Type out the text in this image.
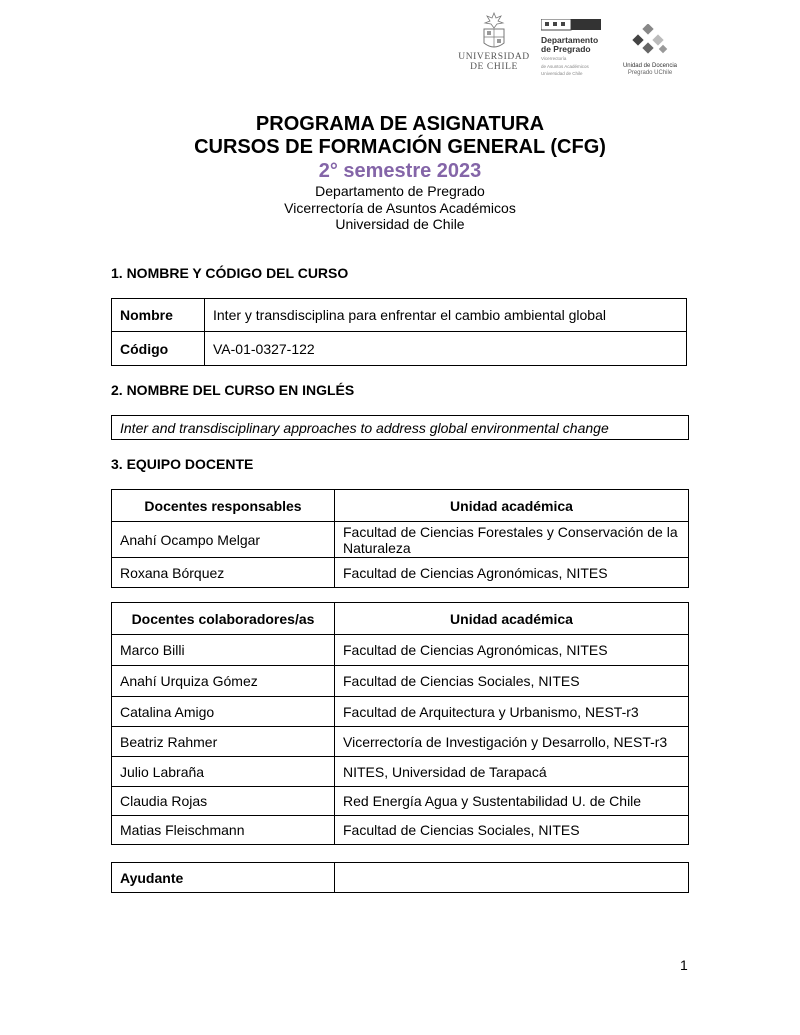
UNIVERSIDAD
DE CHILE
Departamento
de Pregrado
Vicerrectoría
de Asuntos Académicos
Universidad de Chile
Unidad de Docencia
Pregrado UChile
PROGRAMA DE ASIGNATURA
CURSOS DE FORMACIÓN GENERAL (CFG)
2° semestre 2023
Departamento de Pregrado
Vicerrectoría de Asuntos Académicos
Universidad de Chile
1. NOMBRE Y CÓDIGO DEL CURSO
Nombre	Inter y transdisciplina para enfrentar el cambio ambiental global
Código	VA-01-0327-122
2. NOMBRE DEL CURSO EN INGLÉS
Inter and transdisciplinary approaches to address global environmental change
3. EQUIPO DOCENTE
Docentes responsables	Unidad académica
Anahí Ocampo Melgar	Facultad de Ciencias Forestales y Conservación de la Naturaleza
Roxana Bórquez	Facultad de Ciencias Agronómicas, NITES
Docentes colaboradores/as	Unidad académica
Marco Billi	Facultad de Ciencias Agronómicas, NITES
Anahí Urquiza Gómez	Facultad de Ciencias Sociales, NITES
Catalina Amigo	Facultad de Arquitectura y Urbanismo, NEST-r3
Beatriz Rahmer	Vicerrectoría de Investigación y Desarrollo, NEST-r3
Julio Labraña	NITES, Universidad de Tarapacá
Claudia Rojas	Red Energía Agua y Sustentabilidad U. de Chile
Matias Fleischmann	Facultad de Ciencias Sociales, NITES
Ayudante	
1
